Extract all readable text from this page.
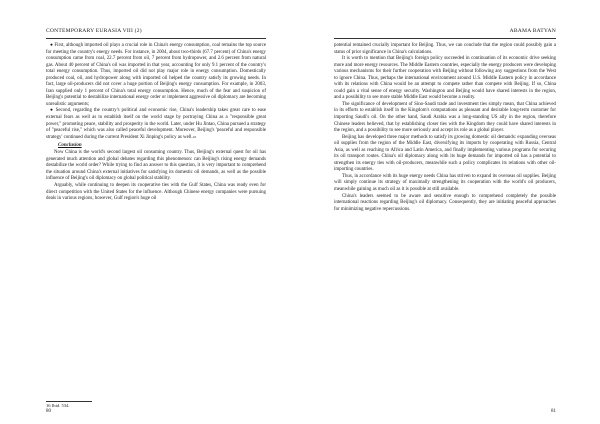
CONTEMPORARY EURASIA VIII (2)

● First, although imported oil plays a crucial role in China's energy consumption, coal remains the top source for meeting the country's energy needs. For instance, in 2004, about two-thirds (67.7 percent) of China's energy consumption came from coal, 22.7 percent from oil, 7 percent from hydropower, and 2.6 percent from natural gas. About 40 percent of China's oil was imported in that year, accounting for only 9.1 percent of the country's total energy consumption. Thus, imported oil did not play major role in energy consumption. Domestically produced coal, oil, and hydropower along with imported oil helped the country satisfy its growing needs. In fact, large oil-producers did not cover a huge portion of Beijing's energy consumption. For example, in 2003, Iran supplied only 1 percent of China's total energy consumption. Hence, much of the fear and suspicion of Beijing's potential to destabilize international energy order or implement aggressive oil diplomacy are becoming unrealistic arguments;

● Second, regarding the country's political and economic rise, China's leadership takes great care to ease external fears as well as to establish itself on the world stage by portraying China as a "responsible great power," promoting peace, stability and prosperity in the world. Later, under Hu Jintao, China pursued a strategy of "peaceful rise," which was also called peaceful development. Moreover, Beijing's 'peaceful and responsible strategy' continued during the current President Xi Jinping's policy as well.$^{16}$

Conclusion

Now China is the world's second largest oil consuming country. Thus, Beijing's external quest for oil has generated much attention and global debates regarding this phenomenon: can Beijing's rising energy demands destabilize the world order? While trying to find an answer to this question, it is very important to comprehend the situation around China's external initiatives for satisfying its domestic oil demands, as well as the possible influence of Beijing's oil diplomacy on global political stability.

Arguably, while continuing to deepen its cooperative ties with the Gulf States, China was ready even for direct competition with the United States for the influence. Although Chinese energy companies were pursuing deals in various regions, however, Gulf region's huge oil

16 Ibid. 534.
80
ABAMA BATYAN

potential remained crucially important for Beijing. Thus, we can conclude that the region could possibly gain a status of prior significance in China's calculations.

It is worth to mention that Beijing's foreign policy succeeded in continuation of its economic drive seeking more and more energy resources. The Middle Eastern countries, especially the energy producers were developing various mechanisms for their further cooperation with Beijing without following any suggestions from the West to ignore China. Thus, perhaps the international environment around U.S. Middle Eastern policy in accordance with its relations with China would be an attempt to compete rather than compete with Beijing. If so, China could gain a vital sense of energy security. Washington and Beijing would have shared interests in the region, and a possibility to see more stable Middle East would become a reality.

The significance of development of Sino-Saudi trade and investment ties simply mean, that China achieved in its efforts to establish itself in the Kingdom's computations as pleasant and desirable long-term customer for importing Saudi's oil. On the other hand, Saudi Arabia was a long-standing US ally in the region, therefore Chinese leaders believed, that by establishing closer ties with the Kingdom they could have shared interests in the region, and a possibility to see more seriously and accept its role as a global player.

Beijing has developed three major methods to satisfy its growing domestic oil demands: expanding overseas oil supplies from the region of the Middle East, diversifying its imports by cooperating with Russia, Central Asia, as well as reaching to Africa and Latin America, and finally implementing various programs for securing its oil transport routes. China's oil diplomacy along with its huge demands for imported oil has a potential to strengthen its energy ties with oil-producers, meanwhile such a policy complicates its relations with other oil-importing countries.

Thus, in accordance with its huge energy needs China has striven to expand its overseas oil supplies. Beijing will simply continue its strategy of maximally strengthening its cooperation with the world's oil producers, meanwhile gaining as much oil as it is possible at still available.

China's leaders seemed to be aware and sensitive enough to comprehend completely the possible international reactions regarding Beijing's oil diplomacy. Consequently, they are initiating peaceful approaches for minimizing negative repercussions.

81
